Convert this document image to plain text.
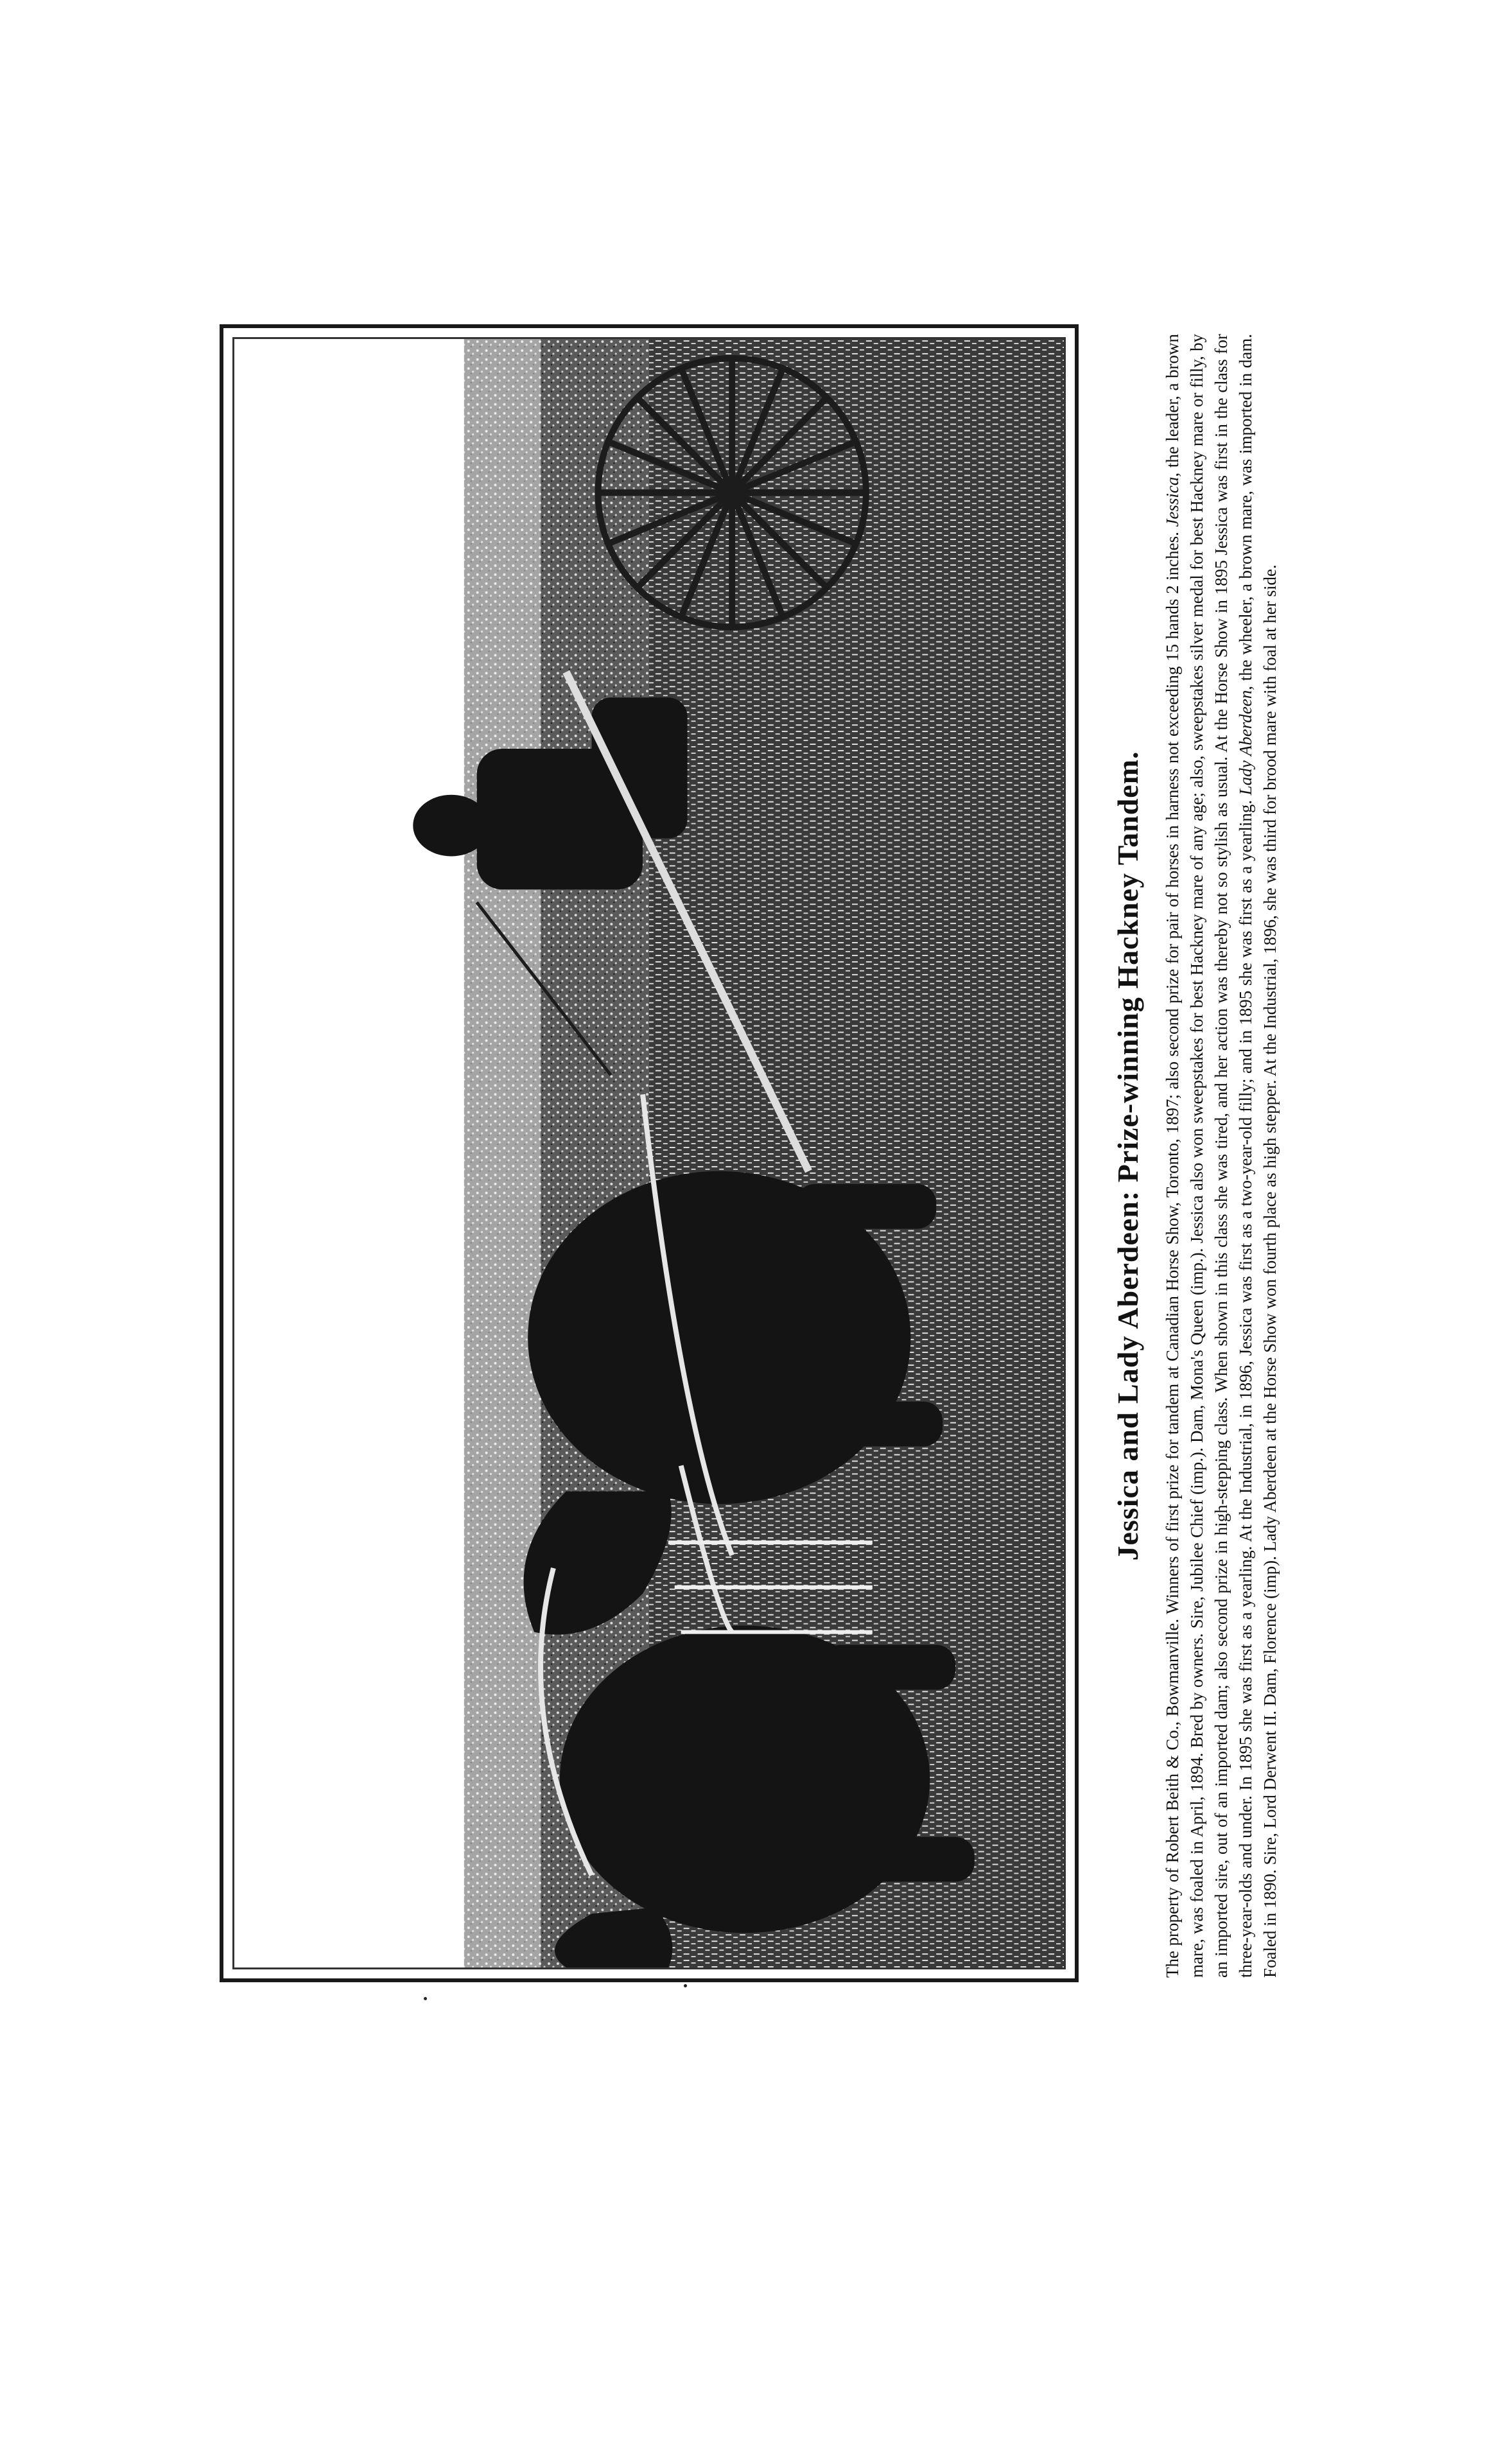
Jessica and Lady Aberdeen: Prize-winning Hackney Tandem. The property of Robert Beith & Co., Bowmanville. Winners of first prize for tandem at Canadian Horse Show, Toronto, 1897; also second prize for pair of horses in harness not exceeding 15 hands 2 inches. Jessica, the leader, a brown mare, was foaled in April, 1894. Bred by owners. Sire, Jubilee Chief (imp.). Dam, Mona's Queen (imp.). Jessica also won sweepstakes for best Hackney mare of any age; also, sweepstakes silver medal for best Hackney mare or filly, by an imported sire, out of an imported dam; also second prize in high-stepping class. When shown in this class she was tired, and her action was thereby not so stylish as usual. At the Horse Show in 1895 Jessica was first in the class for three-year-olds and under. In 1895 she was first as a yearling. At the Industrial, in 1896, Jessica was first as a two-year-old filly; and in 1895 she was first as a yearling. Lady Aberdeen, the wheeler, a brown mare, was imported in dam. Foaled in 1890. Sire, Lord Derwent II. Dam, Florence (imp). Lady Aberdeen at the Horse Show won fourth place as high stepper. At the Industrial, 1896, she was third for brood mare with foal at her side.
